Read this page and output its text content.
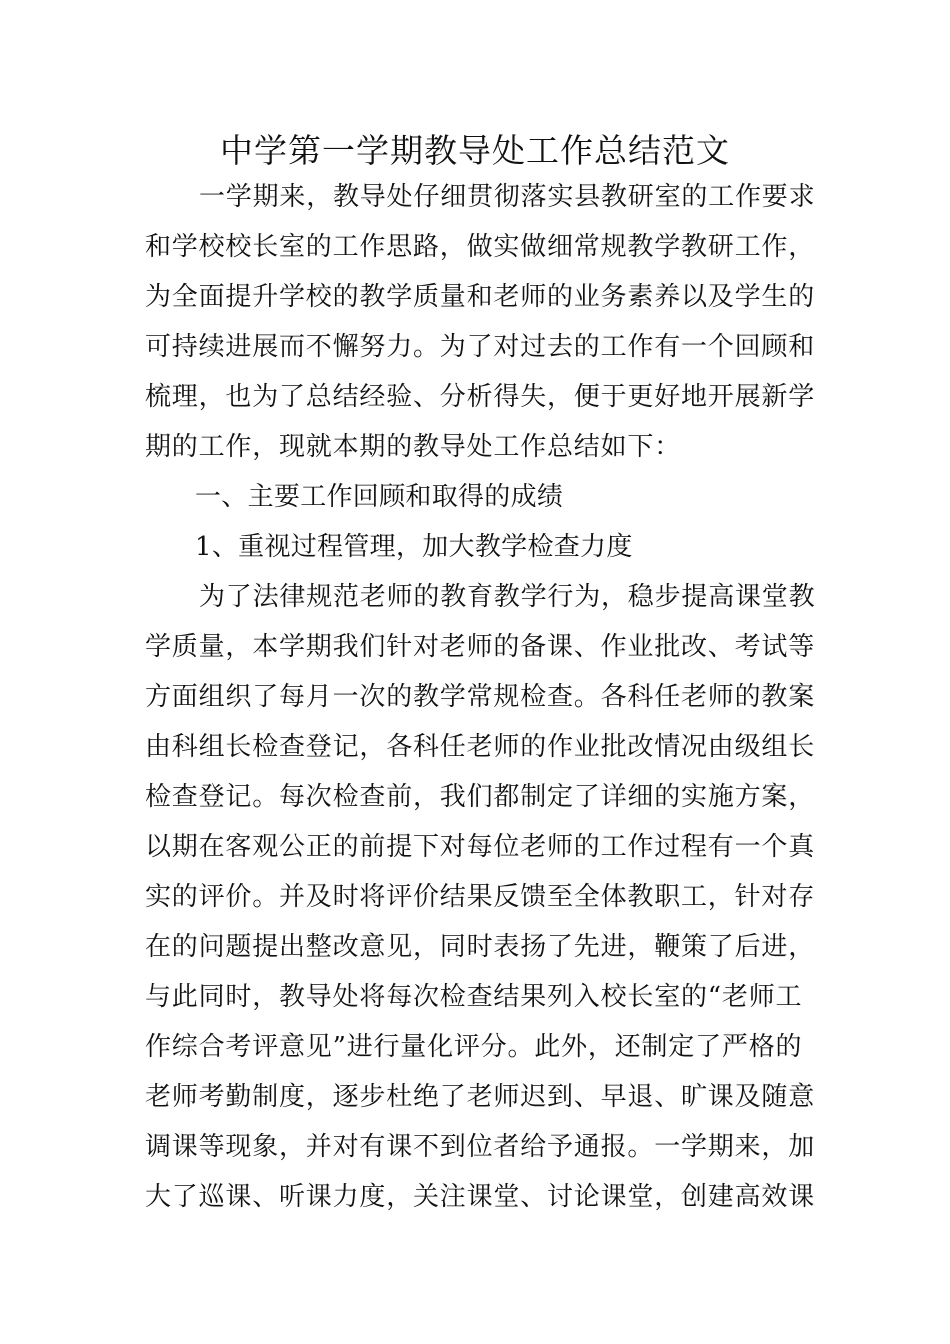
中学第一学期教导处工作总结范文
一学期来，教导处仔细贯彻落实县教研室的工作要求
和学校校长室的工作思路，做实做细常规教学教研工作，
为全面提升学校的教学质量和老师的业务素养以及学生的
可持续进展而不懈努力。为了对过去的工作有一个回顾和
梳理，也为了总结经验、分析得失，便于更好地开展新学
期的工作，现就本期的教导处工作总结如下：
一、主要工作回顾和取得的成绩
1、重视过程管理，加大教学检查力度
为了法律规范老师的教育教学行为，稳步提高课堂教
学质量，本学期我们针对老师的备课、作业批改、考试等
方面组织了每月一次的教学常规检查。各科任老师的教案
由科组长检查登记，各科任老师的作业批改情况由级组长
检查登记。每次检查前，我们都制定了详细的实施方案，
以期在客观公正的前提下对每位老师的工作过程有一个真
实的评价。并及时将评价结果反馈至全体教职工，针对存
在的问题提出整改意见，同时表扬了先进，鞭策了后进，
与此同时，教导处将每次检查结果列入校长室的“老师工
作综合考评意见”进行量化评分。此外，还制定了严格的
老师考勤制度，逐步杜绝了老师迟到、早退、旷课及随意
调课等现象，并对有课不到位者给予通报。一学期来，加
大了巡课、听课力度，关注课堂、讨论课堂，创建高效课
